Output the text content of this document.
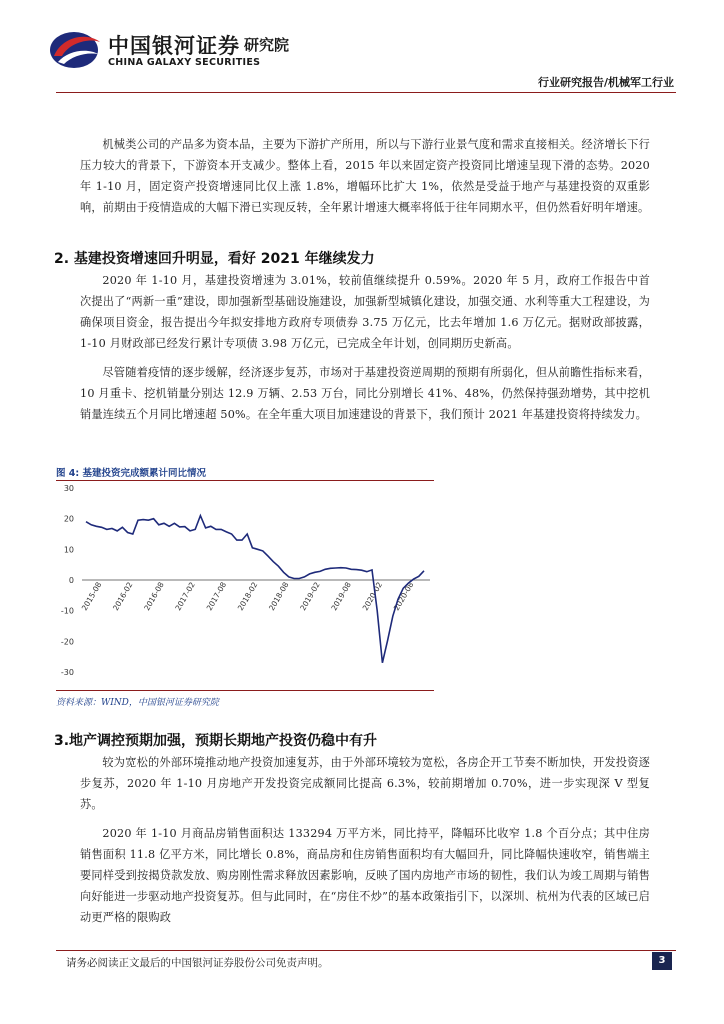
中国银河证券 研究院
CHINA GALAXY SECURITIES
行业研究报告/机械军工行业

机械类公司的产品多为资本品，主要为下游扩产所用，所以与下游行业景气度和需求直接相关。经济增长下行压力较大的背景下，下游资本开支减少。整体上看，2015 年以来固定资产投资同比增速呈现下滑的态势。2020 年 1-10 月，固定资产投资增速同比仅上涨 1.8%，增幅环比扩大 1%，依然是受益于地产与基建投资的双重影响，前期由于疫情造成的大幅下滑已实现反转，全年累计增速大概率将低于往年同期水平，但仍然看好明年增速。

2. 基建投资增速回升明显，看好 2021 年继续发力

2020 年 1-10 月，基建投资增速为 3.01%，较前值继续提升 0.59%。2020 年 5 月，政府工作报告中首次提出了“两新一重”建设，即加强新型基础设施建设，加强新型城镇化建设，加强交通、水利等重大工程建设，为确保项目资金，报告提出今年拟安排地方政府专项债券 3.75 万亿元，比去年增加 1.6 万亿元。据财政部披露，1-10 月财政部已经发行累计专项债 3.98 万亿元，已完成全年计划，创同期历史新高。

尽管随着疫情的逐步缓解，经济逐步复苏，市场对于基建投资逆周期的预期有所弱化，但从前瞻性指标来看，10 月重卡、挖机销量分别达 12.9 万辆、2.53 万台，同比分别增长 41%、48%，仍然保持强劲增势，其中挖机销量连续五个月同比增速超 50%。在全年重大项目加速建设的背景下，我们预计 2021 年基建投资将持续发力。

图 4: 基建投资完成额累计同比情况
30
20
10
0
-10
-20
-30
2015-08 2016-02 2016-08 2017-02 2017-08 2018-02 2018-08 2019-02 2019-08 2020-02 2020-08
资料来源：WIND，中国银河证券研究院
3.地产调控预期加强，预期长期地产投资仍稳中有升

较为宽松的外部环境推动地产投资加速复苏，由于外部环境较为宽松，各房企开工节奏不断加快，开发投资逐步复苏，2020 年 1-10 月房地产开发投资完成额同比提高 6.3%，较前期增加 0.70%，进一步实现深 V 型复苏。

2020 年 1-10 月商品房销售面积达 133294 万平方米，同比持平，降幅环比收窄 1.8 个百分点；其中住房销售面积 11.8 亿平方米，同比增长 0.8%，商品房和住房销售面积均有大幅回升，同比降幅快速收窄，销售端主要同样受到按揭贷款发放、购房刚性需求释放因素影响，反映了国内房地产市场的韧性，我们认为竣工周期与销售向好能进一步驱动地产投资复苏。但与此同时，在“房住不炒”的基本政策指引下，以深圳、杭州为代表的区域已启动更严格的限购政

请务必阅读正文最后的中国银河证券股份公司免责声明。	3
